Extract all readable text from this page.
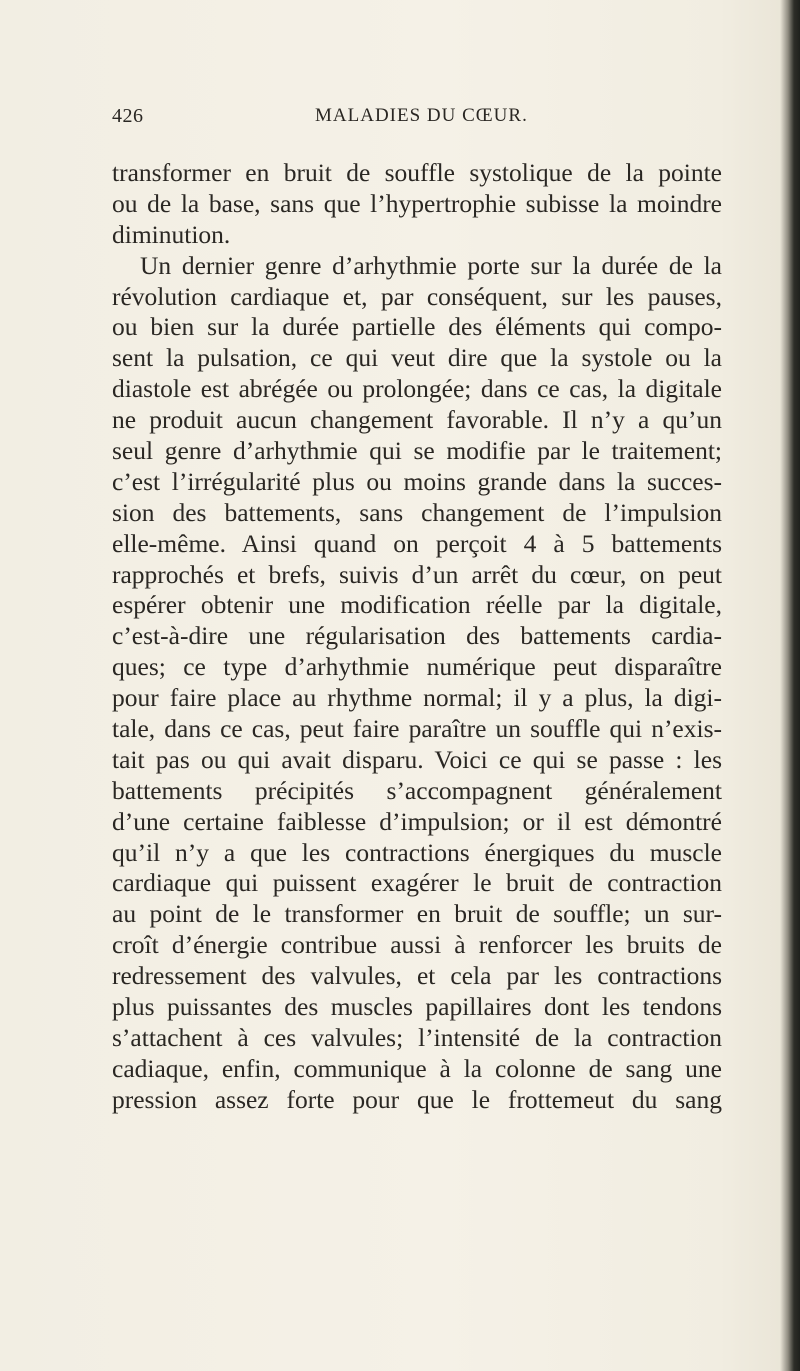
426	MALADIES DU CŒUR.
transformer en bruit de souffle systolique de la pointe
ou de la base, sans que l’hypertrophie subisse la moindre
diminution.
Un dernier genre d’arhythmie porte sur la durée de la
révolution cardiaque et, par conséquent, sur les pauses,
ou bien sur la durée partielle des éléments qui compo-
sent la pulsation, ce qui veut dire que la systole ou la
diastole est abrégée ou prolongée; dans ce cas, la digitale
ne produit aucun changement favorable. Il n’y a qu’un
seul genre d’arhythmie qui se modifie par le traitement;
c’est l’irrégularité plus ou moins grande dans la succes-
sion des battements, sans changement de l’impulsion
elle-même. Ainsi quand on perçoit 4 à 5 battements
rapprochés et brefs, suivis d’un arrêt du cœur, on peut
espérer obtenir une modification réelle par la digitale,
c’est-à-dire une régularisation des battements cardia-
ques; ce type d’arhythmie numérique peut disparaître
pour faire place au rhythme normal; il y a plus, la digi-
tale, dans ce cas, peut faire paraître un souffle qui n’exis-
tait pas ou qui avait disparu. Voici ce qui se passe : les
battements précipités s’accompagnent généralement
d’une certaine faiblesse d’impulsion; or il est démontré
qu’il n’y a que les contractions énergiques du muscle
cardiaque qui puissent exagérer le bruit de contraction
au point de le transformer en bruit de souffle; un sur-
croît d’énergie contribue aussi à renforcer les bruits de
redressement des valvules, et cela par les contractions
plus puissantes des muscles papillaires dont les tendons
s’attachent à ces valvules; l’intensité de la contraction
cadiaque, enfin, communique à la colonne de sang une
pression assez forte pour que le frottemeut du sang
